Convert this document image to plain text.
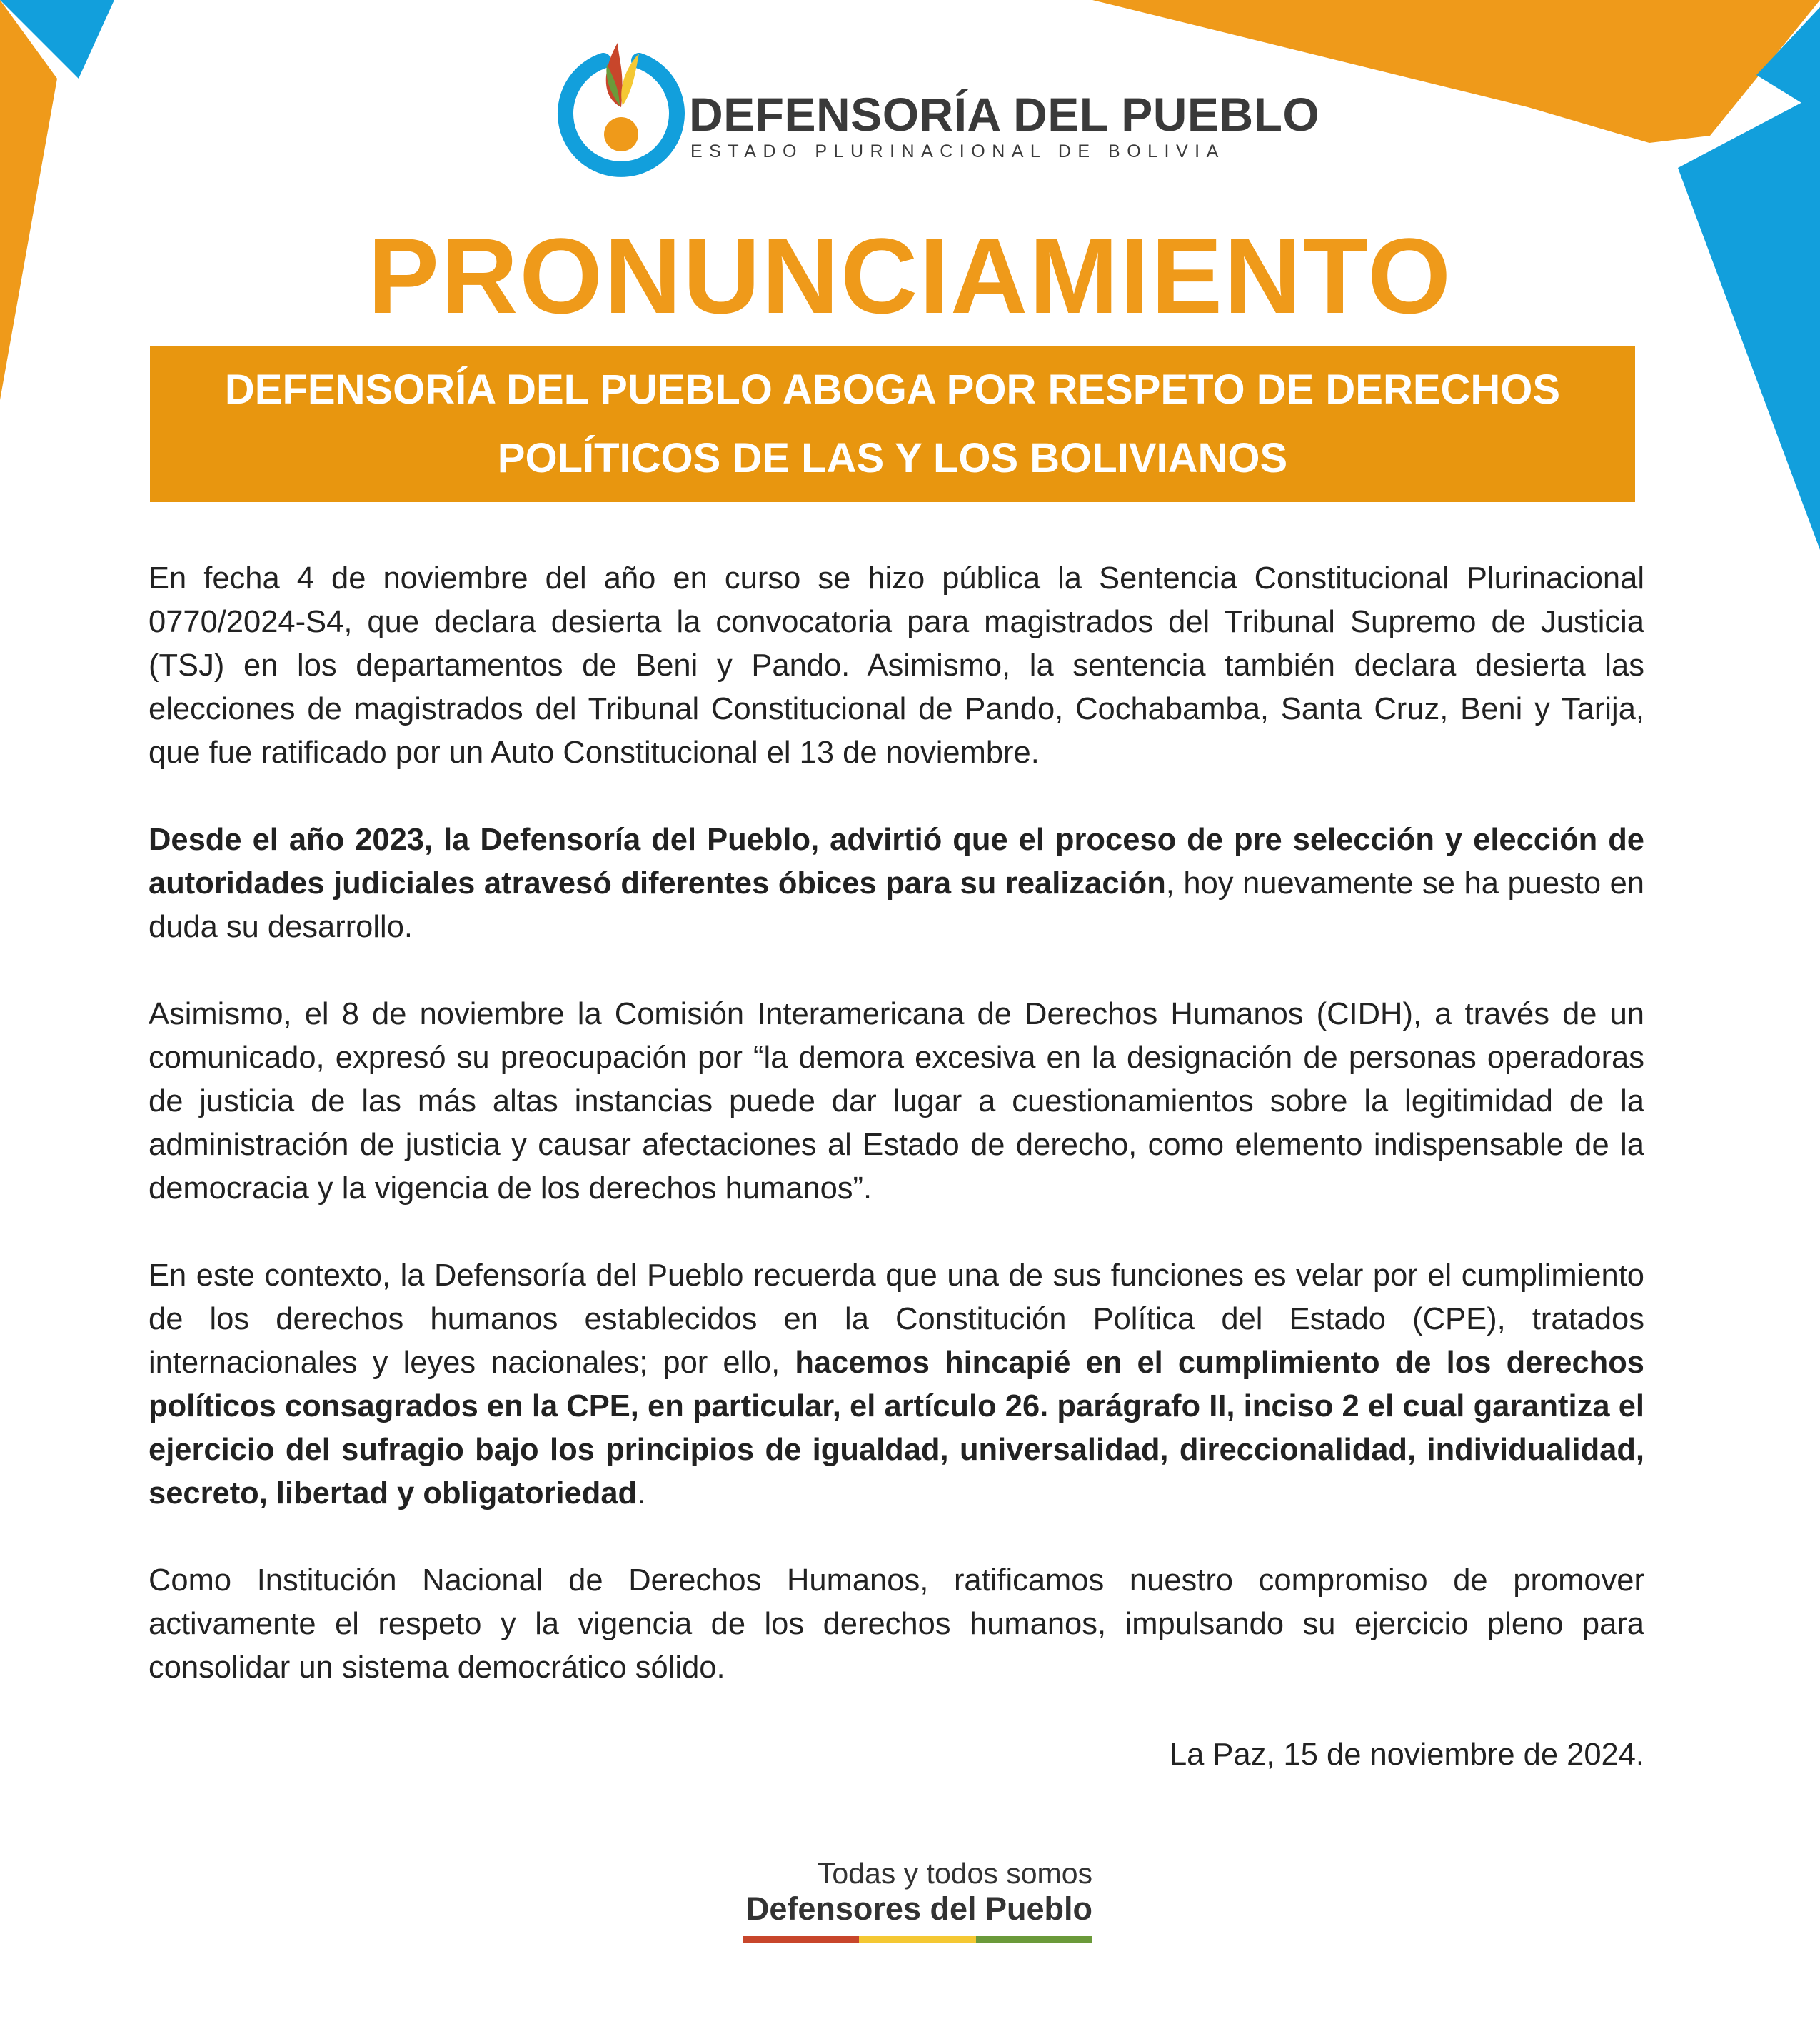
DEFENSORÍA DEL PUEBLO
ESTADO PLURINACIONAL DE BOLIVIA
PRONUNCIAMIENTO
DEFENSORÍA DEL PUEBLO ABOGA POR RESPETO DE DERECHOS
POLÍTICOS DE LAS Y LOS BOLIVIANOS

En fecha 4 de noviembre del año en curso se hizo pública la Sentencia Constitucional Plurinacional 0770/2024-S4, que declara desierta la convocatoria para magistrados del Tribunal Supremo de Justicia (TSJ) en los departamentos de Beni y Pando. Asimismo, la sentencia también declara desierta las elecciones de magistrados del Tribunal Constitucional de Pando, Cochabamba, Santa Cruz, Beni y Tarija, que fue ratificado por un Auto Constitucional el 13 de noviembre.

Desde el año 2023, la Defensoría del Pueblo, advirtió que el proceso de pre selección y elección de autoridades judiciales atravesó diferentes óbices para su realización, hoy nuevamente se ha puesto en duda su desarrollo.

Asimismo, el 8 de noviembre la Comisión Interamericana de Derechos Humanos (CIDH), a través de un comunicado, expresó su preocupación por “la demora excesiva en la designación de personas operadoras de justicia de las más altas instancias puede dar lugar a cuestionamientos sobre la legitimidad de la administración de justicia y causar afectaciones al Estado de derecho, como elemento indispensable de la democracia y la vigencia de los derechos humanos”.

En este contexto, la Defensoría del Pueblo recuerda que una de sus funciones es velar por el cumplimiento de los derechos humanos establecidos en la Constitución Política del Estado (CPE), tratados internacionales y leyes nacionales; por ello, hacemos hincapié en el cumplimiento de los derechos políticos consagrados en la CPE, en particular, el artículo 26. parágrafo II, inciso 2 el cual garantiza el ejercicio del sufragio bajo los principios de igualdad, universalidad, direccionalidad, individualidad, secreto, libertad y obligatoriedad.

Como Institución Nacional de Derechos Humanos, ratificamos nuestro compromiso de promover activamente el respeto y la vigencia de los derechos humanos, impulsando su ejercicio pleno para consolidar un sistema democrático sólido.

La Paz, 15 de noviembre de 2024.

Todas y todos somos
Defensores del Pueblo
